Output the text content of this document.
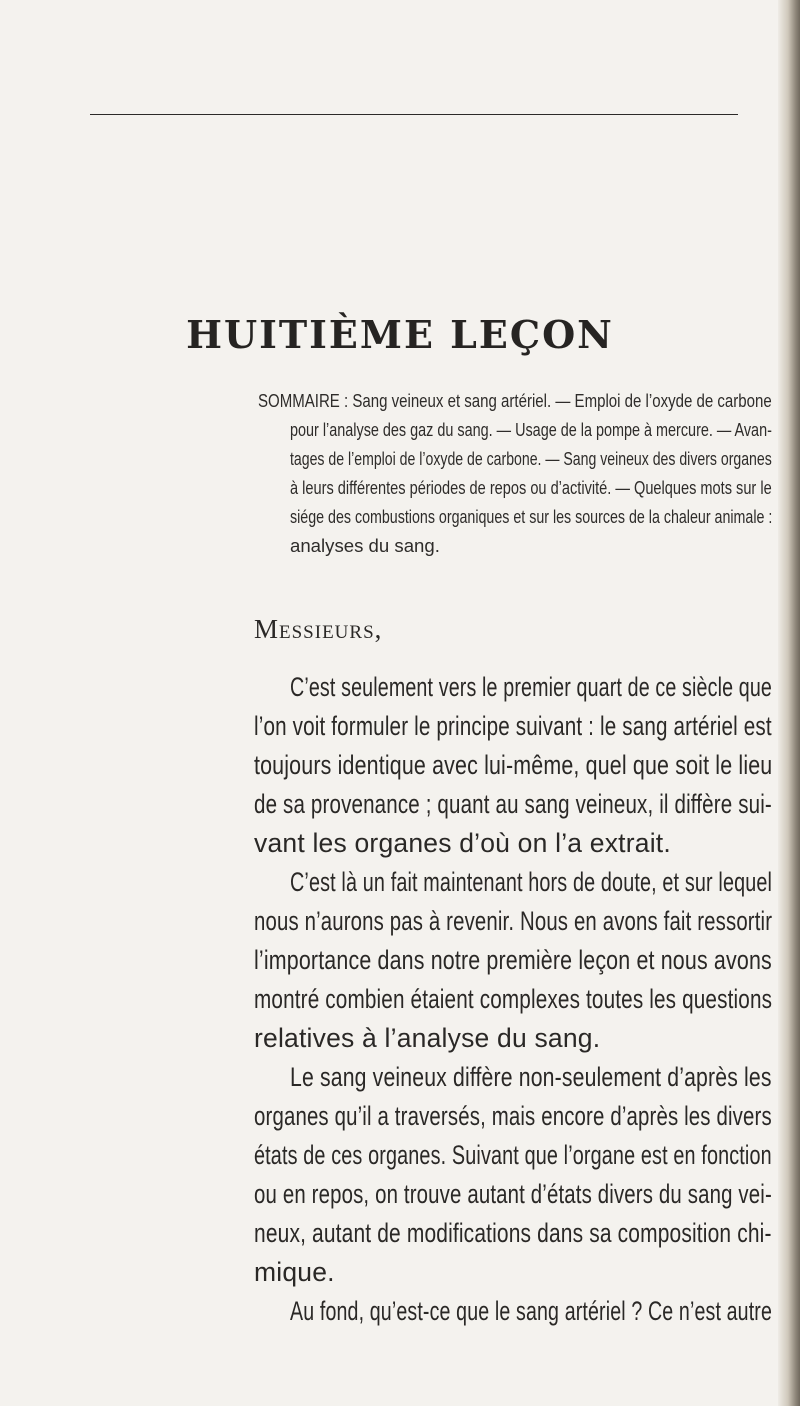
HUITIÈME LEÇON
SOMMAIRE : Sang veineux et sang artériel. — Emploi de l’oxyde de carbone
pour l’analyse des gaz du sang. — Usage de la pompe à mercure. — Avan-
tages de l’emploi de l’oxyde de carbone. — Sang veineux des divers organes
à leurs différentes périodes de repos ou d’activité. — Quelques mots sur le
siége des combustions organiques et sur les sources de la chaleur animale :
analyses du sang.
Messieurs,
C’est seulement vers le premier quart de ce siècle que
l’on voit formuler le principe suivant : le sang artériel est
toujours identique avec lui-même, quel que soit le lieu
de sa provenance ; quant au sang veineux, il diffère sui-
vant les organes d’où on l’a extrait.
C’est là un fait maintenant hors de doute, et sur lequel
nous n’aurons pas à revenir. Nous en avons fait ressortir
l’importance dans notre première leçon et nous avons
montré combien étaient complexes toutes les questions
relatives à l’analyse du sang.
Le sang veineux diffère non-seulement d’après les
organes qu’il a traversés, mais encore d’après les divers
états de ces organes. Suivant que l’organe est en fonction
ou en repos, on trouve autant d’états divers du sang vei-
neux, autant de modifications dans sa composition chi-
mique.
Au fond, qu’est-ce que le sang artériel ? Ce n’est autre
